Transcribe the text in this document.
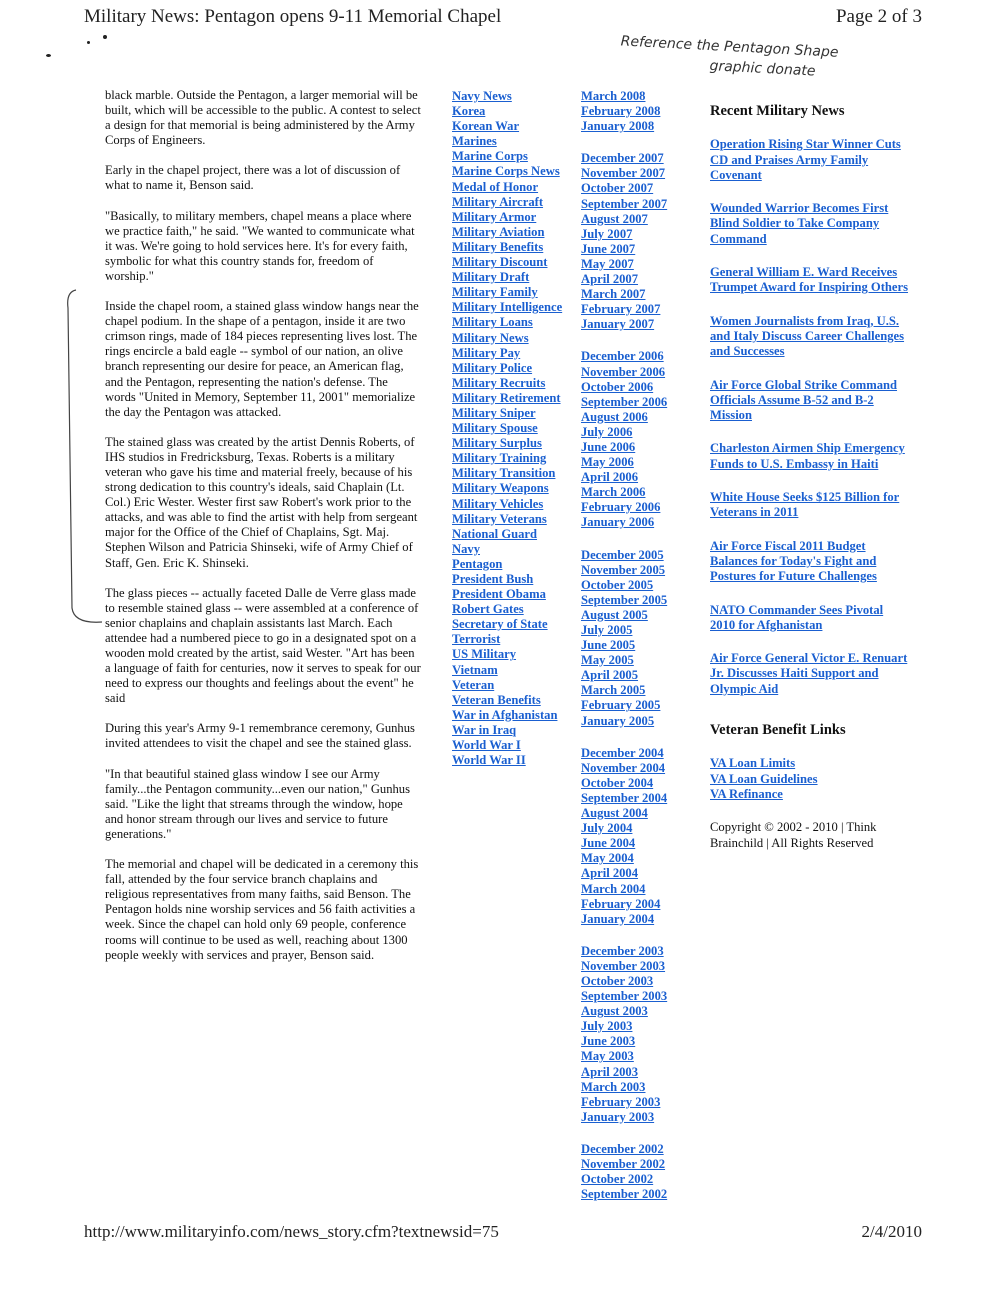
Military News: Pentagon opens 9-11 Memorial Chapel	Page 2 of 3
Reference the Pentagon Shape
graphic donate

black marble. Outside the Pentagon, a larger memorial will be built, which will be accessible to the public. A contest to select a design for that memorial is being administered by the Army Corps of Engineers.

Early in the chapel project, there was a lot of discussion of what to name it, Benson said.

"Basically, to military members, chapel means a place where we practice faith," he said. "We wanted to communicate what it was. We're going to hold services here. It's for every faith, symbolic for what this country stands for, freedom of worship."

Inside the chapel room, a stained glass window hangs near the chapel podium. In the shape of a pentagon, inside it are two crimson rings, made of 184 pieces representing lives lost. The rings encircle a bald eagle -- symbol of our nation, an olive branch representing our desire for peace, an American flag, and the Pentagon, representing the nation's defense. The words "United in Memory, September 11, 2001" memorialize the day the Pentagon was attacked.

The stained glass was created by the artist Dennis Roberts, of IHS studios in Fredricksburg, Texas. Roberts is a military veteran who gave his time and material freely, because of his strong dedication to this country's ideals, said Chaplain (Lt. Col.) Eric Wester. Wester first saw Robert's work prior to the attacks, and was able to find the artist with help from sergeant major for the Office of the Chief of Chaplains, Sgt. Maj. Stephen Wilson and Patricia Shinseki, wife of Army Chief of Staff, Gen. Eric K. Shinseki.

The glass pieces -- actually faceted Dalle de Verre glass made to resemble stained glass -- were assembled at a conference of senior chaplains and chaplain assistants last March. Each attendee had a numbered piece to go in a designated spot on a wooden mold created by the artist, said Wester. "Art has been a language of faith for centuries, now it serves to speak for our need to express our thoughts and feelings about the event" he said

During this year's Army 9-1 remembrance ceremony, Gunhus invited attendees to visit the chapel and see the stained glass.

"In that beautiful stained glass window I see our Army family...the Pentagon community...even our nation," Gunhus said. "Like the light that streams through the window, hope and honor stream through our lives and service to future generations."

The memorial and chapel will be dedicated in a ceremony this fall, attended by the four service branch chaplains and religious representatives from many faiths, said Benson. The Pentagon holds nine worship services and 56 faith activities a week. Since the chapel can hold only 69 people, conference rooms will continue to be used as well, reaching about 1300 people weekly with services and prayer, Benson said.

Navy News
Korea
Korean War
Marines
Marine Corps
Marine Corps News
Medal of Honor
Military Aircraft
Military Armor
Military Aviation
Military Benefits
Military Discount
Military Draft
Military Family
Military Intelligence
Military Loans
Military News
Military Pay
Military Police
Military Recruits
Military Retirement
Military Sniper
Military Spouse
Military Surplus
Military Training
Military Transition
Military Weapons
Military Vehicles
Military Veterans
National Guard
Navy
Pentagon
President Bush
President Obama
Robert Gates
Secretary of State
Terrorist
US Military
Vietnam
Veteran
Veteran Benefits
War in Afghanistan
War in Iraq
World War I
World War II
March 2008
February 2008
January 2008
December 2007
November 2007
October 2007
September 2007
August 2007
July 2007
June 2007
May 2007
April 2007
March 2007
February 2007
January 2007
December 2006
November 2006
October 2006
September 2006
August 2006
July 2006
June 2006
May 2006
April 2006
March 2006
February 2006
January 2006
December 2005
November 2005
October 2005
September 2005
August 2005
July 2005
June 2005
May 2005
April 2005
March 2005
February 2005
January 2005
December 2004
November 2004
October 2004
September 2004
August 2004
July 2004
June 2004
May 2004
April 2004
March 2004
February 2004
January 2004
December 2003
November 2003
October 2003
September 2003
August 2003
July 2003
June 2003
May 2003
April 2003
March 2003
February 2003
January 2003
December 2002
November 2002
October 2002
September 2002
Recent Military News
Operation Rising Star Winner Cuts CD and Praises Army Family Covenant
Wounded Warrior Becomes First Blind Soldier to Take Company Command
General William E. Ward Receives Trumpet Award for Inspiring Others
Women Journalists from Iraq, U.S. and Italy Discuss Career Challenges and Successes
Air Force Global Strike Command Officials Assume B-52 and B-2 Mission
Charleston Airmen Ship Emergency Funds to U.S. Embassy in Haiti
White House Seeks $125 Billion for Veterans in 2011
Air Force Fiscal 2011 Budget Balances for Today's Fight and Postures for Future Challenges
NATO Commander Sees Pivotal 2010 for Afghanistan
Air Force General Victor E. Renuart Jr. Discusses Haiti Support and Olympic Aid
Veteran Benefit Links
VA Loan Limits
VA Loan Guidelines
VA Refinance
Copyright © 2002 - 2010 | Think Brainchild | All Rights Reserved
http://www.militaryinfo.com/news_story.cfm?textnewsid=75	2/4/2010
